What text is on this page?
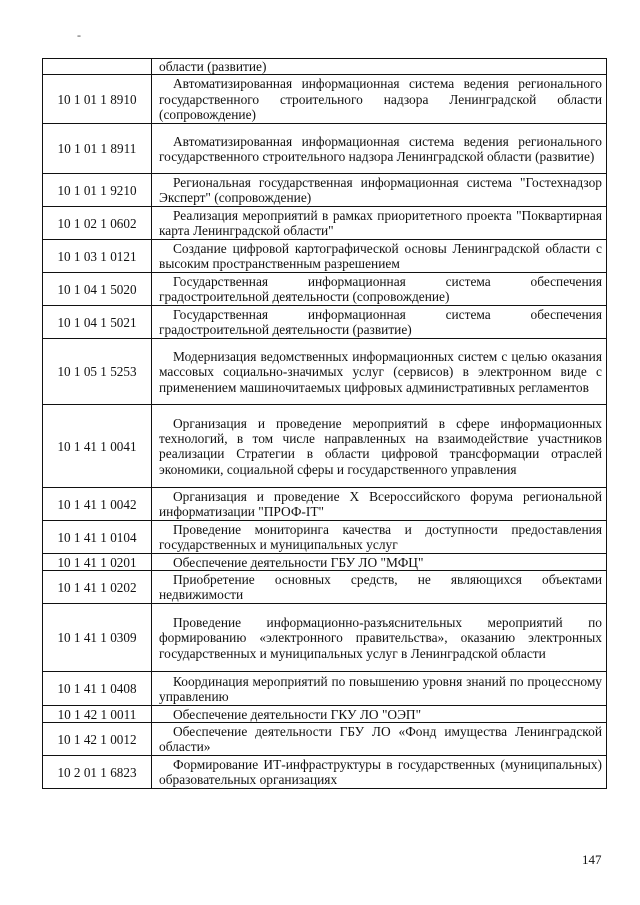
-
	области (развитие)
10 1 01 1 8910	Автоматизированная информационная система ведения регионального государственного строительного надзора Ленинградской области (сопровождение)
10 1 01 1 8911	Автоматизированная информационная система ведения регионального государственного строительного надзора Ленинградской области (развитие)
10 1 01 1 9210	Региональная государственная информационная система "Гостехнадзор Эксперт" (сопровождение)
10 1 02 1 0602	Реализация мероприятий в рамках приоритетного проекта "Поквартирная карта Ленинградской области"
10 1 03 1 0121	Создание цифровой картографической основы Ленинградской области с высоким пространственным разрешением
10 1 04 1 5020	Государственная информационная система обеспечения градостроительной деятельности (сопровождение)
10 1 04 1 5021	Государственная информационная система обеспечения градостроительной деятельности (развитие)
10 1 05 1 5253	Модернизация ведомственных информационных систем с целью оказания массовых социально-значимых услуг (сервисов) в электронном виде с применением машиночитаемых цифровых административных регламентов
10 1 41 1 0041	Организация и проведение мероприятий в сфере информационных технологий, в том числе направленных на взаимодействие участников реализации Стратегии в области цифровой трансформации отраслей экономики, социальной сферы и государственного управления
10 1 41 1 0042	Организация и проведение X Всероссийского форума региональной информатизации "ПРОФ-IT"
10 1 41 1 0104	Проведение мониторинга качества и доступности предоставления государственных и муниципальных услуг
10 1 41 1 0201	Обеспечение деятельности ГБУ ЛО "МФЦ"
10 1 41 1 0202	Приобретение основных средств, не являющихся объектами недвижимости
10 1 41 1 0309	Проведение информационно-разъяснительных мероприятий по формированию «электронного правительства», оказанию электронных государственных и муниципальных услуг в Ленинградской области
10 1 41 1 0408	Координация мероприятий по повышению уровня знаний по процессному управлению
10 1 42 1 0011	Обеспечение деятельности ГКУ ЛО "ОЭП"
10 1 42 1 0012	Обеспечение деятельности ГБУ ЛО «Фонд имущества Ленинградской области»
10 2 01 1 6823	Формирование ИТ-инфраструктуры в государственных (муниципальных) образовательных организациях
147
